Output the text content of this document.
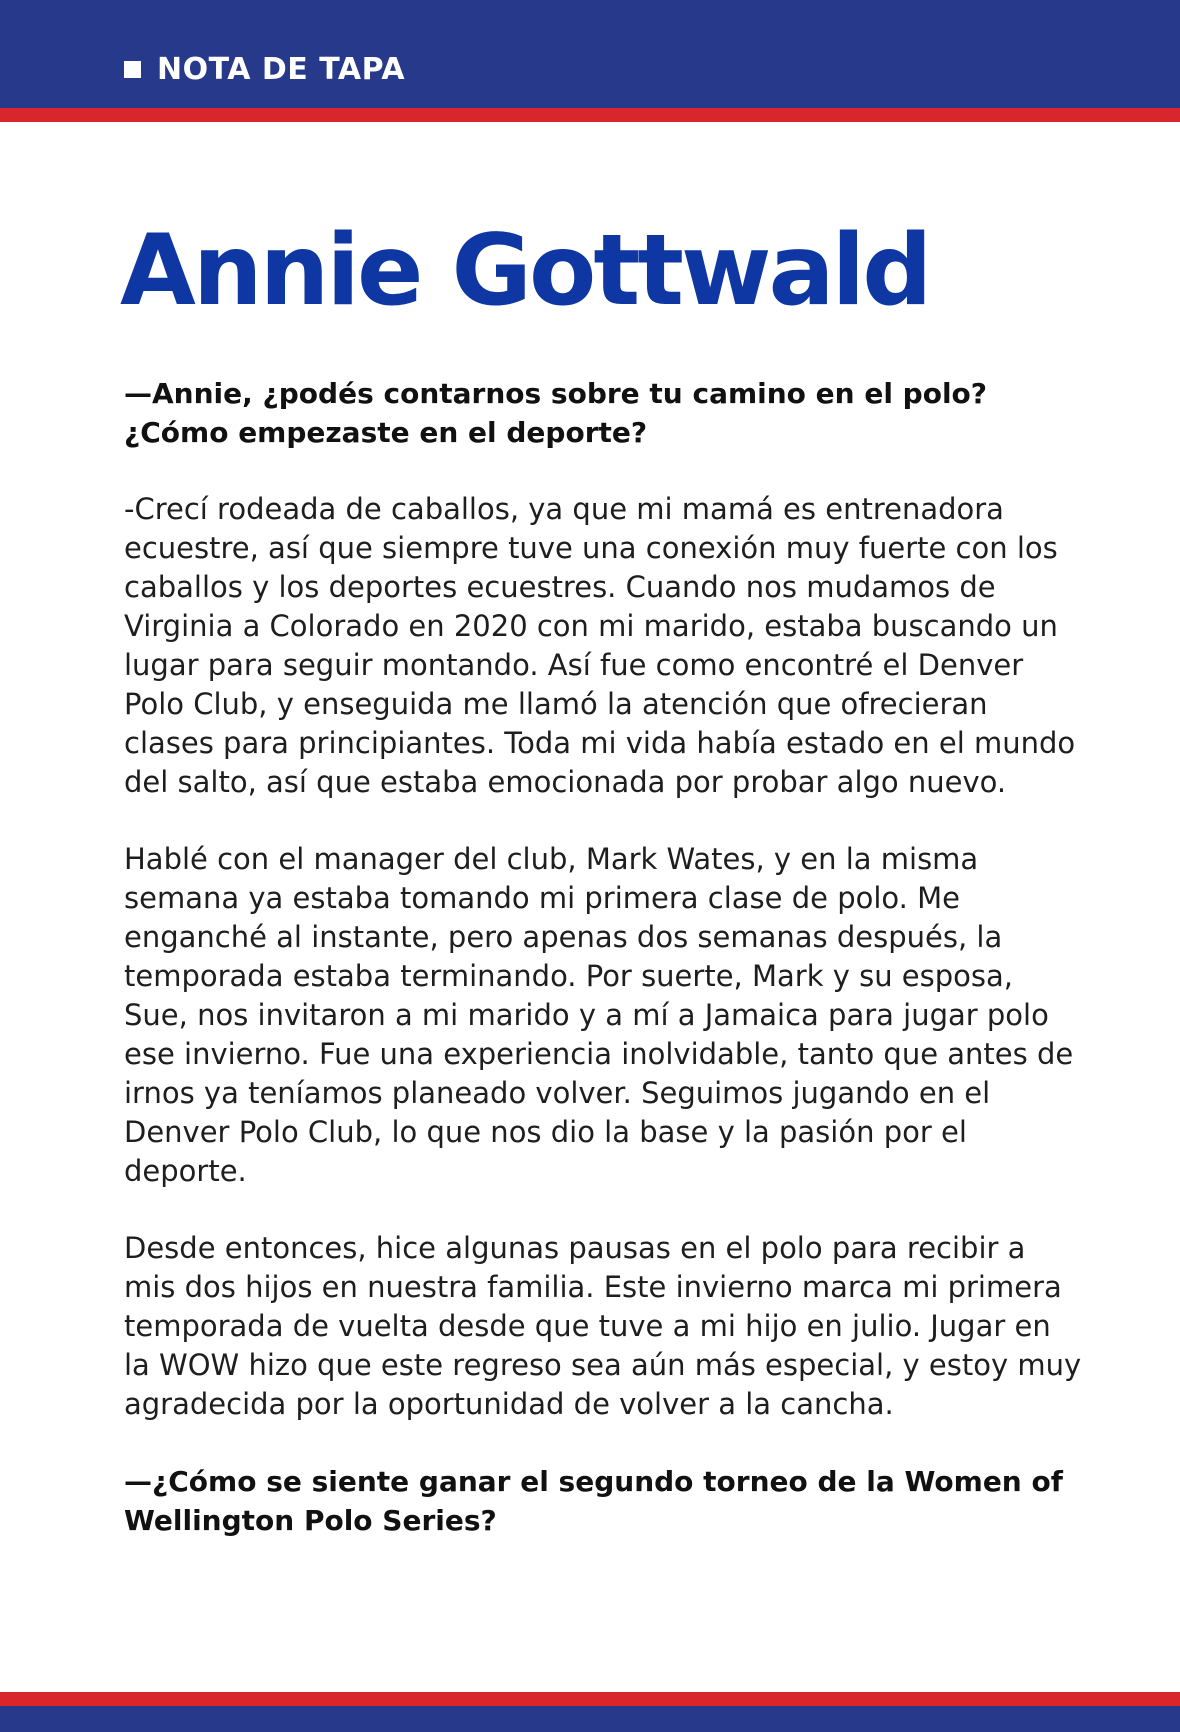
NOTA DE TAPA
Annie Gottwald

—Annie, ¿podés contarnos sobre tu camino en el polo? ¿Cómo empezaste en el deporte?

-Crecí rodeada de caballos, ya que mi mamá es entrenadora ecuestre, así que siempre tuve una conexión muy fuerte con los caballos y los deportes ecuestres. Cuando nos mudamos de Virginia a Colorado en 2020 con mi marido, estaba buscando un lugar para seguir montando. Así fue como encontré el Denver Polo Club, y enseguida me llamó la atención que ofrecieran clases para principiantes. Toda mi vida había estado en el mundo del salto, así que estaba emocionada por probar algo nuevo.

Hablé con el manager del club, Mark Wates, y en la misma semana ya estaba tomando mi primera clase de polo. Me enganché al instante, pero apenas dos semanas después, la temporada estaba terminando. Por suerte, Mark y su esposa, Sue, nos invitaron a mi marido y a mí a Jamaica para jugar polo ese invierno. Fue una experiencia inolvidable, tanto que antes de irnos ya teníamos planeado volver. Seguimos jugando en el Denver Polo Club, lo que nos dio la base y la pasión por el deporte.

Desde entonces, hice algunas pausas en el polo para recibir a mis dos hijos en nuestra familia. Este invierno marca mi primera temporada de vuelta desde que tuve a mi hijo en julio. Jugar en la WOW hizo que este regreso sea aún más especial, y estoy muy agradecida por la oportunidad de volver a la cancha.

—¿Cómo se siente ganar el segundo torneo de la Women of Wellington Polo Series?
